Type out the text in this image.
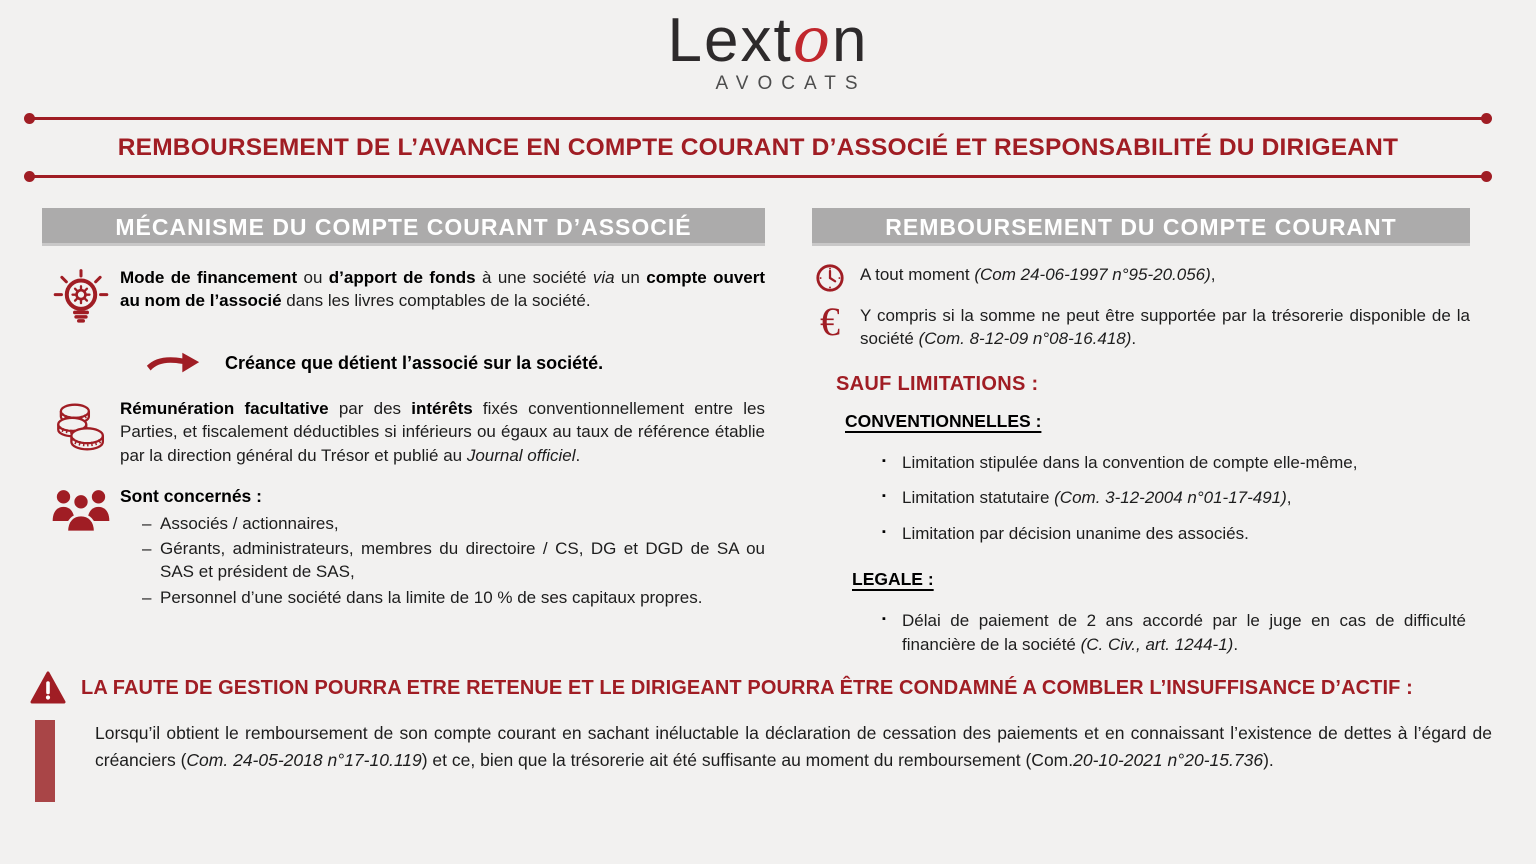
Lexton
AVOCATS
REMBOURSEMENT DE L’AVANCE EN COMPTE COURANT D’ASSOCIÉ ET RESPONSABILITÉ DU DIRIGEANT
MÉCANISME DU COMPTE COURANT D’ASSOCIÉ
Mode de financement ou d’apport de fonds à une société via un compte ouvert au nom de l’associé dans les livres comptables de la société.
Créance que détient l’associé sur la société.
Rémunération facultative par des intérêts fixés conventionnellement entre les Parties, et fiscalement déductibles si inférieurs ou égaux au taux de référence établie par la direction général du Trésor et publié au Journal officiel.
Sont concernés :
– Associés / actionnaires,
– Gérants, administrateurs, membres du directoire / CS, DG et DGD de SA ou SAS et président de SAS,
– Personnel d’une société dans la limite de 10 % de ses capitaux propres.
REMBOURSEMENT DU COMPTE COURANT
A tout moment (Com 24-06-1997 n°95-20.056),
€ Y compris si la somme ne peut être supportée par la trésorerie disponible de la société (Com. 8-12-09 n°08-16.418).
SAUF LIMITATIONS :
CONVENTIONNELLES :
▪ Limitation stipulée dans la convention de compte elle-même,
▪ Limitation statutaire (Com. 3-12-2004 n°01-17-491),
▪ Limitation par décision unanime des associés.
LEGALE :
▪ Délai de paiement de 2 ans accordé par le juge en cas de difficulté financière de la société (C. Civ., art. 1244-1).
LA FAUTE DE GESTION POURRA ETRE RETENUE ET LE DIRIGEANT POURRA ÊTRE CONDAMNÉ A COMBLER L’INSUFFISANCE D’ACTIF :
Lorsqu’il obtient le remboursement de son compte courant en sachant inéluctable la déclaration de cessation des paiements et en connaissant l’existence de dettes à l’égard de créanciers (Com. 24-05-2018 n°17-10.119) et ce, bien que la trésorerie ait été suffisante au moment du remboursement (Com.20-10-2021 n°20-15.736).
